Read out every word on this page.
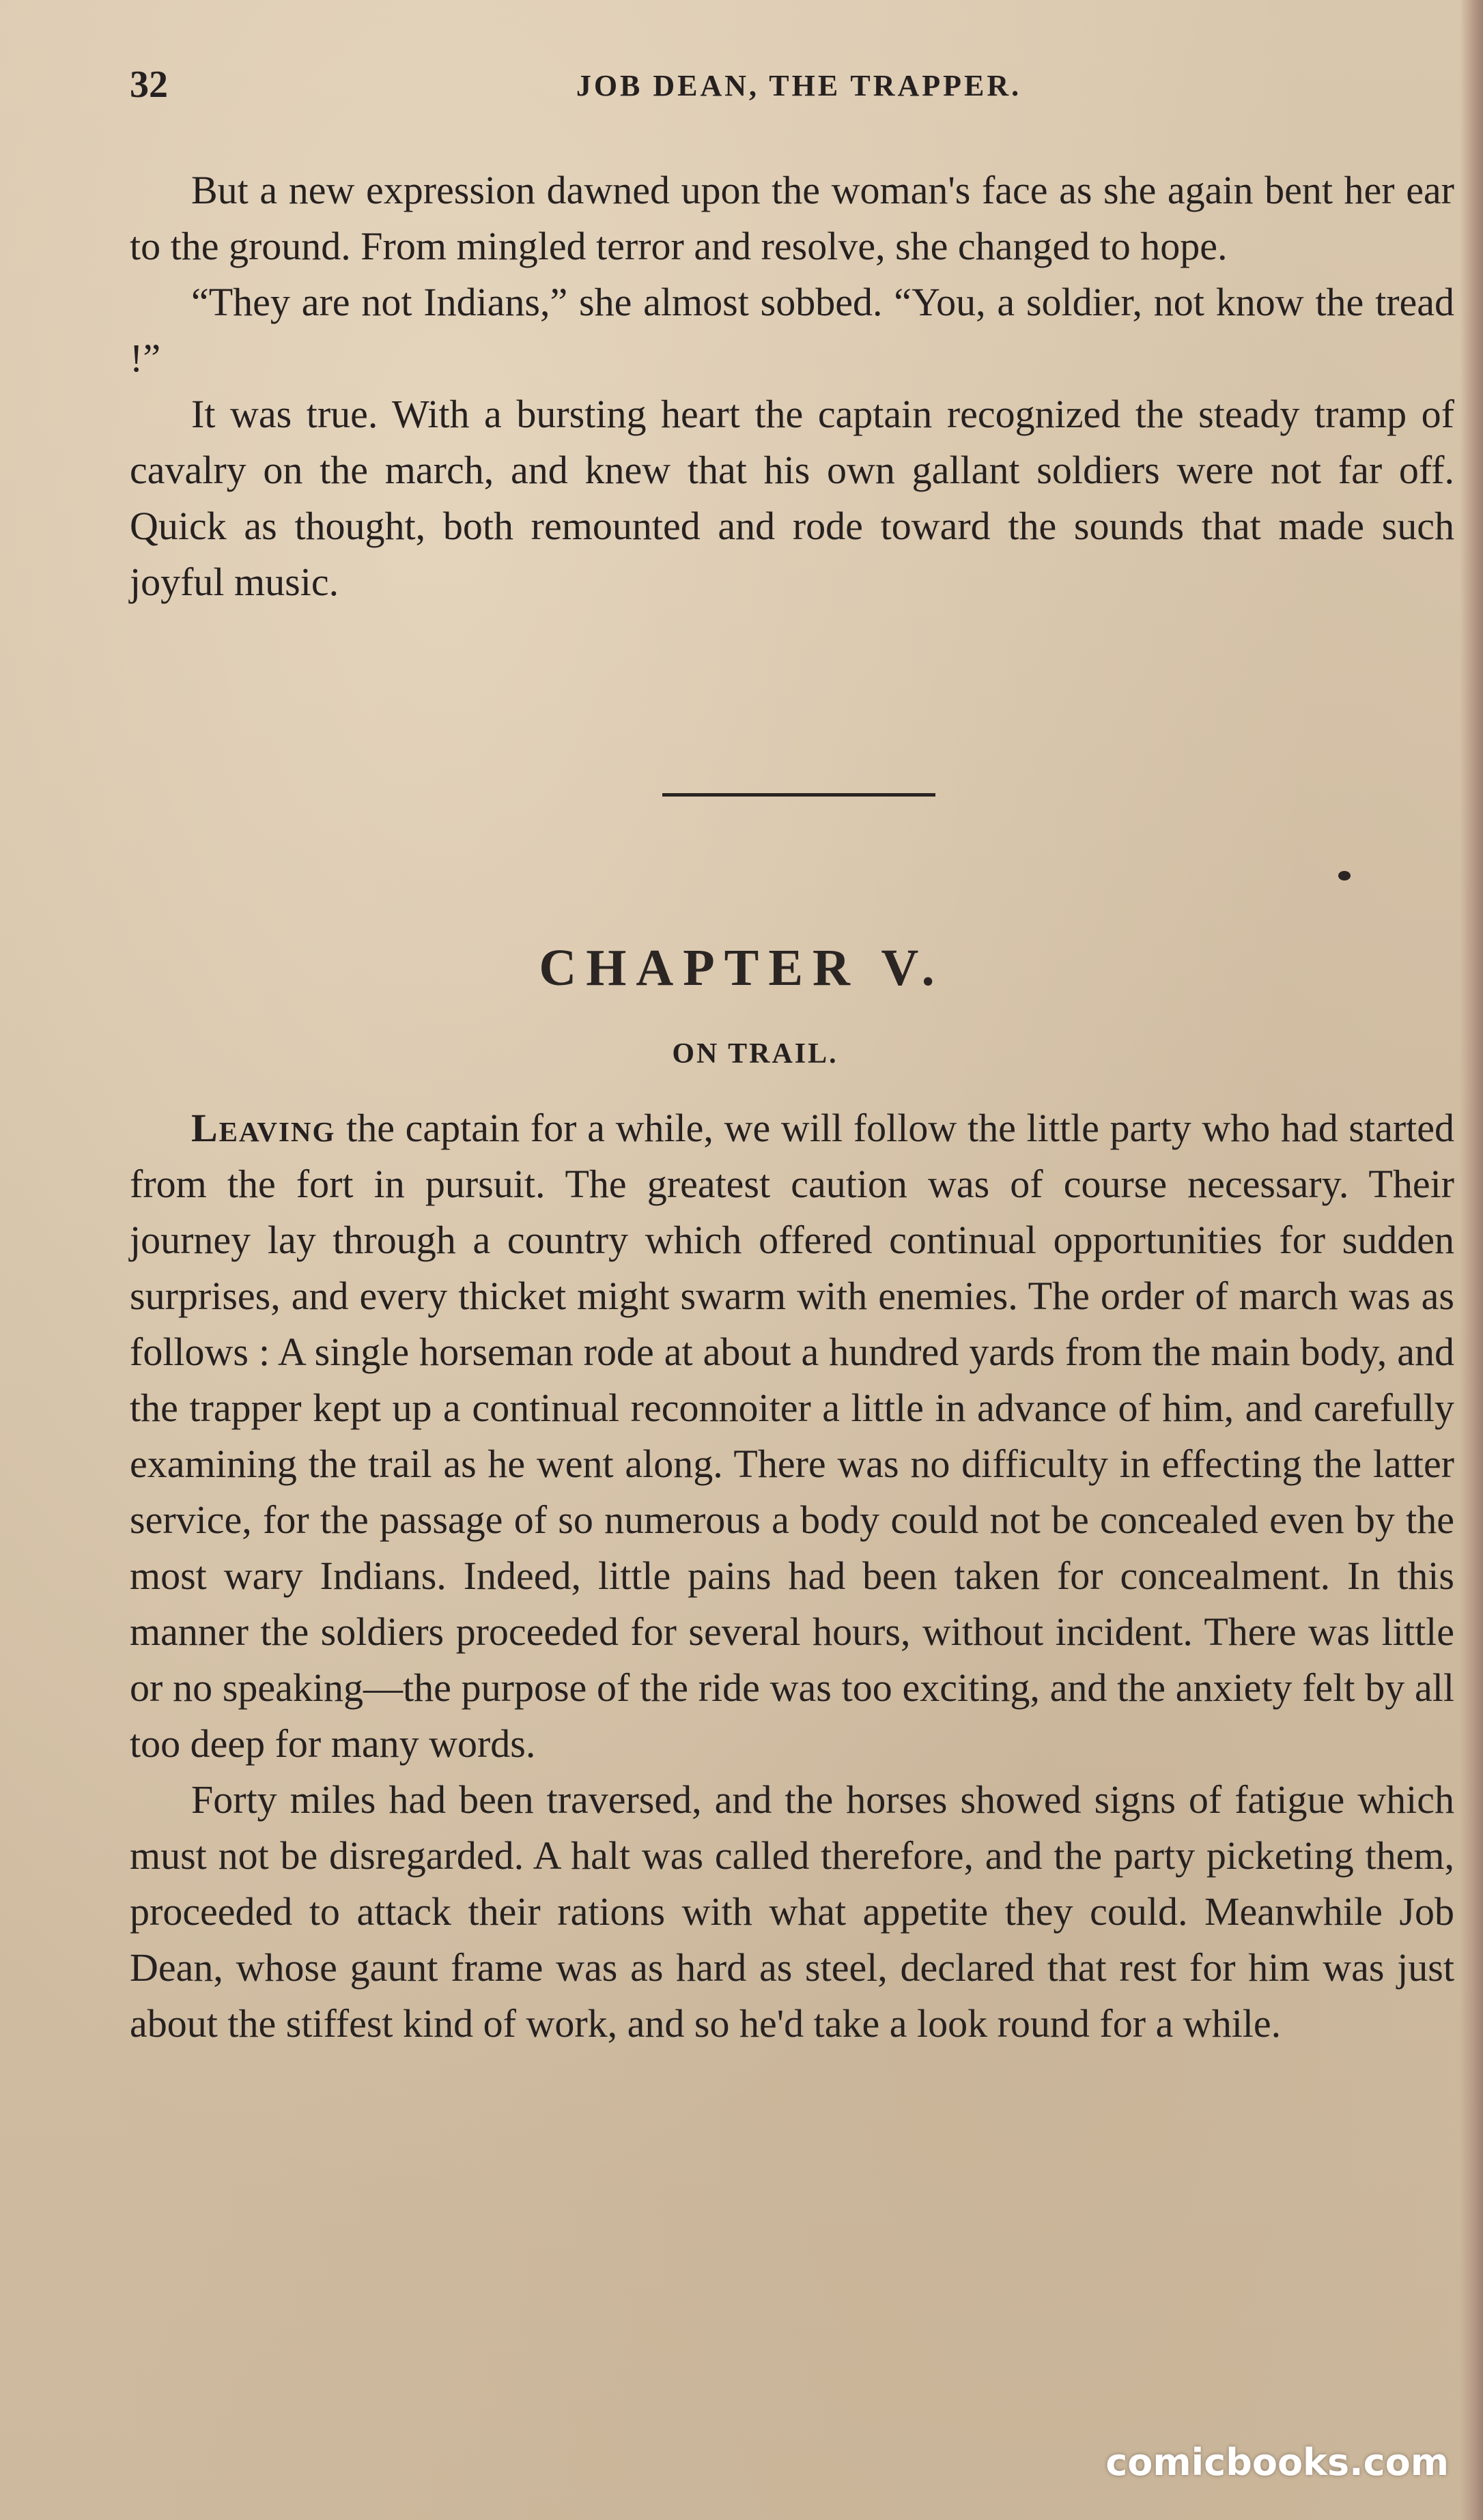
32	JOB DEAN, THE TRAPPER.

But a new expression dawned upon the woman's face as she again bent her ear to the ground. From mingled terror and resolve, she changed to hope.

“They are not Indians,” she almost sobbed. “You, a soldier, not know the tread !”

It was true. With a bursting heart the captain recognized the steady tramp of cavalry on the march, and knew that his own gallant soldiers were not far off. Quick as thought, both remounted and rode toward the sounds that made such joyful music.

CHAPTER V.
ON TRAIL.

Leaving the captain for a while, we will follow the little party who had started from the fort in pursuit. The greatest caution was of course necessary. Their journey lay through a country which offered continual opportunities for sudden surprises, and every thicket might swarm with enemies. The order of march was as follows : A single horseman rode at about a hundred yards from the main body, and the trapper kept up a continual reconnoiter a little in advance of him, and carefully examining the trail as he went along. There was no difficulty in effecting the latter service, for the passage of so numerous a body could not be concealed even by the most wary Indians. Indeed, little pains had been taken for concealment. In this manner the soldiers proceeded for several hours, without incident. There was little or no speaking—the purpose of the ride was too exciting, and the anxiety felt by all too deep for many words.

Forty miles had been traversed, and the horses showed signs of fatigue which must not be disregarded. A halt was called therefore, and the party picketing them, proceeded to attack their rations with what appetite they could. Meanwhile Job Dean, whose gaunt frame was as hard as steel, declared that rest for him was just about the stiffest kind of work, and so he'd take a look round for a while.

comicbooks.com
